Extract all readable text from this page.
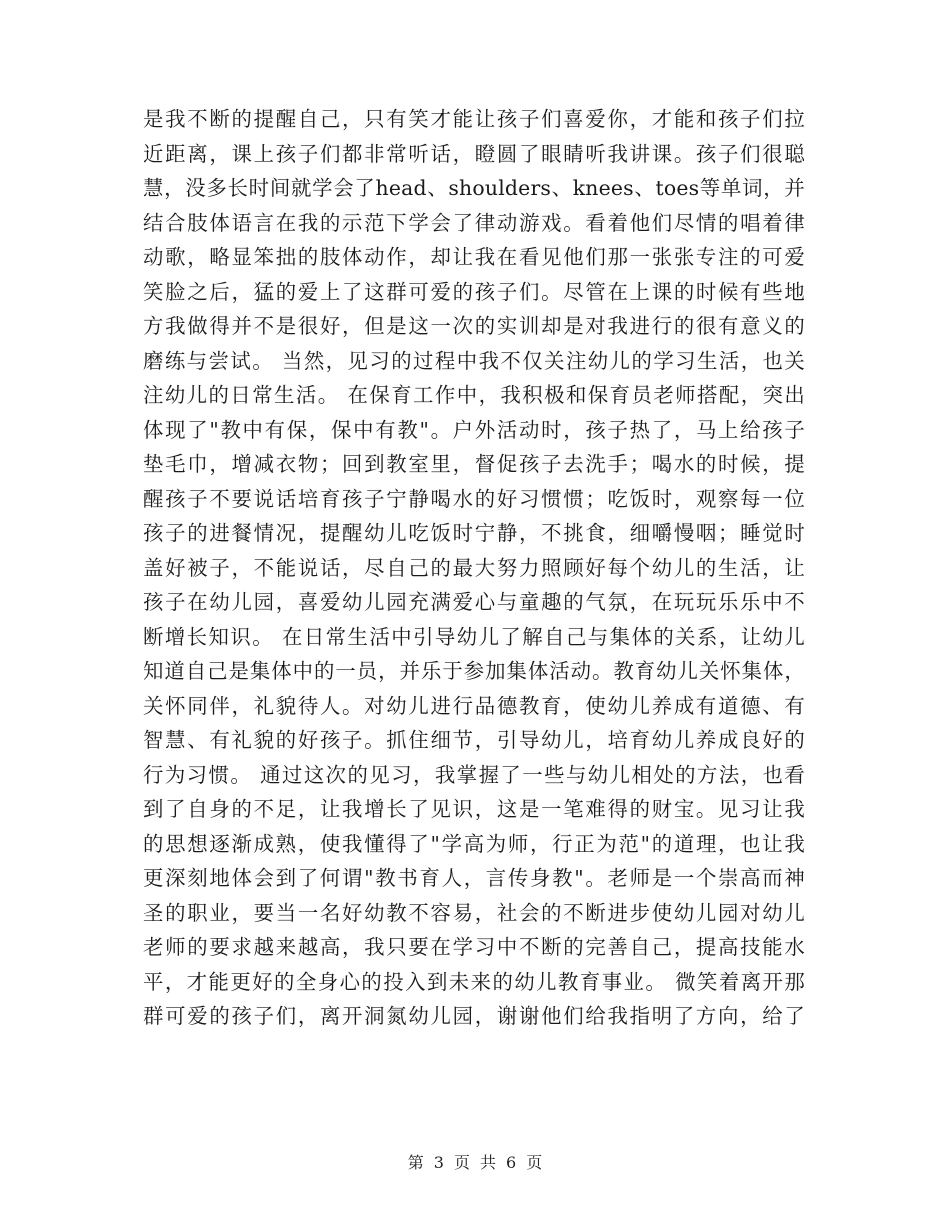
是我不断的提醒自己，只有笑才能让孩子们喜爱你，才能和孩子们拉
近距离，课上孩子们都非常听话，瞪圆了眼睛听我讲课。孩子们很聪
慧，没多长时间就学会了head、shoulders、knees、toes等单词，并
结合肢体语言在我的示范下学会了律动游戏。看着他们尽情的唱着律
动歌，略显笨拙的肢体动作，却让我在看见他们那一张张专注的可爱
笑脸之后，猛的爱上了这群可爱的孩子们。尽管在上课的时候有些地
方我做得并不是很好，但是这一次的实训却是对我进行的很有意义的
磨练与尝试。 当然，见习的过程中我不仅关注幼儿的学习生活，也关
注幼儿的日常生活。 在保育工作中，我积极和保育员老师搭配，突出
体现了"教中有保，保中有教"。户外活动时，孩子热了，马上给孩子
垫毛巾，增减衣物；回到教室里，督促孩子去洗手；喝水的时候，提
醒孩子不要说话培育孩子宁静喝水的好习惯惯；吃饭时，观察每一位
孩子的进餐情况，提醒幼儿吃饭时宁静，不挑食，细嚼慢咽；睡觉时
盖好被子，不能说话，尽自己的最大努力照顾好每个幼儿的生活，让
孩子在幼儿园，喜爱幼儿园充满爱心与童趣的气氛，在玩玩乐乐中不
断增长知识。 在日常生活中引导幼儿了解自己与集体的关系，让幼儿
知道自己是集体中的一员，并乐于参加集体活动。教育幼儿关怀集体，
关怀同伴，礼貌待人。对幼儿进行品德教育，使幼儿养成有道德、有
智慧、有礼貌的好孩子。抓住细节，引导幼儿，培育幼儿养成良好的
行为习惯。 通过这次的见习，我掌握了一些与幼儿相处的方法，也看
到了自身的不足，让我增长了见识，这是一笔难得的财宝。见习让我
的思想逐渐成熟，使我懂得了"学高为师，行正为范"的道理，也让我
更深刻地体会到了何谓"教书育人，言传身教"。老师是一个崇高而神
圣的职业，要当一名好幼教不容易，社会的不断进步使幼儿园对幼儿
老师的要求越来越高，我只要在学习中不断的完善自己，提高技能水
平，才能更好的全身心的投入到未来的幼儿教育事业。 微笑着离开那
群可爱的孩子们，离开洞氮幼儿园，谢谢他们给我指明了方向，给了
第 3 页 共 6 页
